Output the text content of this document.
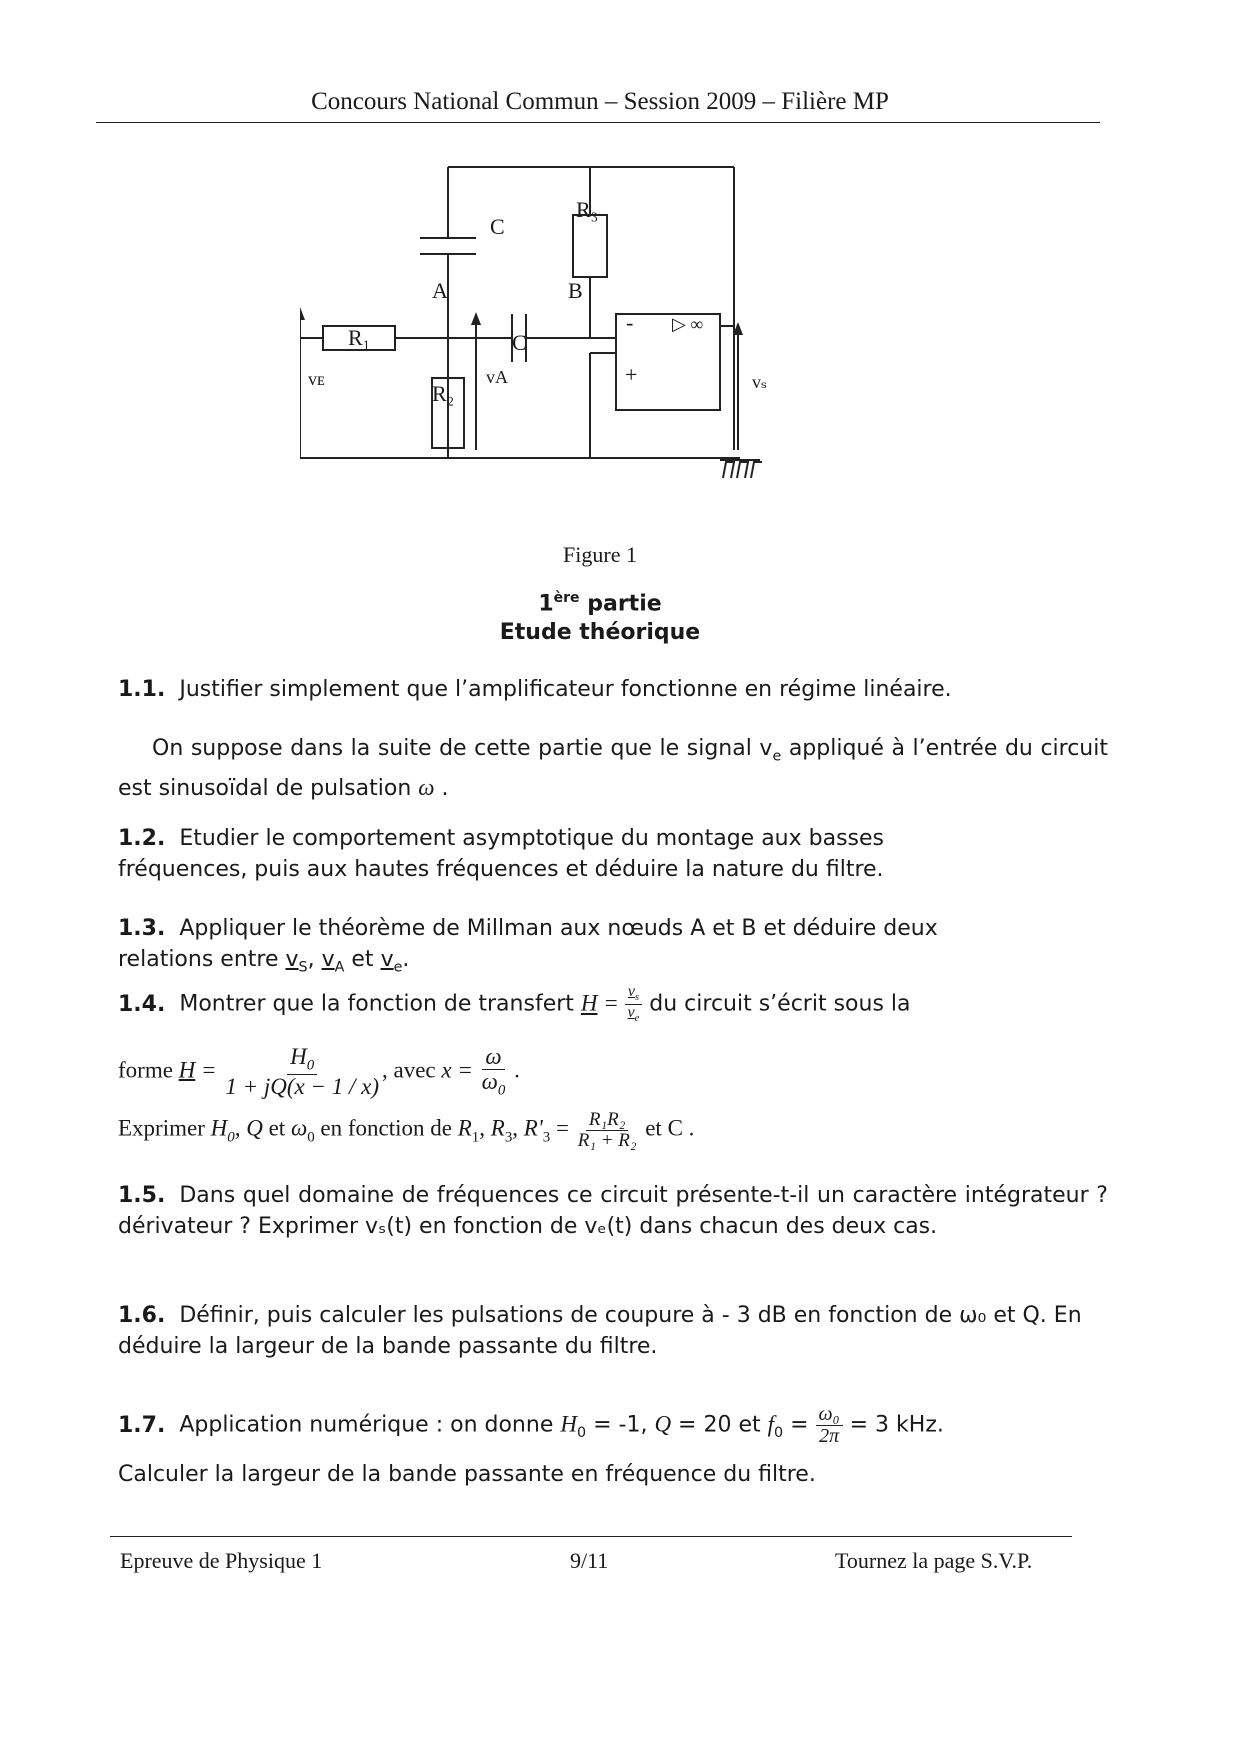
Concours National Commun – Session 2009 – Filière MP
C
R₃
R₁
A
C
B
R₂
vᴇ	vA	vₛ
-
+
▷ ∞
Figure 1
1ère partie
Etude théorique
1.1. Justifier simplement que l’amplificateur fonctionne en régime linéaire.
On suppose dans la suite de cette partie que le signal $v_e$ appliqué à l’entrée du circuit est sinusoïdal de pulsation ω .
1.2. Etudier le comportement asymptotique du montage aux basses fréquences, puis aux hautes fréquences et déduire la nature du filtre.
1.3. Appliquer le théorème de Millman aux nœuds A et B et déduire deux relations entre $v_S$, $v_A$ et $v_e$.
1.4. Montrer que la fonction de transfert $H = \frac{v_s}{v_e}$ du circuit s’écrit sous la
forme $H = \frac{H_0}{1 + jQ(x - 1 / x)}$ , avec $x = \frac{\omega}{\omega_0}$ .
Exprimer $H_0$, Q et $\omega_0$ en fonction de $R_1$, $R_3$, $R'_3 = \frac{\text{R₁R₂}}{\text{R₁ + R₂}}$ et C .
1.5. Dans quel domaine de fréquences ce circuit présente-t-il un caractère intégrateur ? dérivateur ? Exprimer vₛ(t) en fonction de vₑ(t) dans chacun des deux cas.
1.6. Définir, puis calculer les pulsations de coupure à - 3 dB en fonction de ω₀ et Q. En déduire la largeur de la bande passante du filtre.
1.7. Application numérique : on donne $H_0 = -1$, Q = 20 et $f_0 = \frac{\text{ω₀}}{2\pi} = 3$ kHz.
Calculer la largeur de la bande passante en fréquence du filtre.
Epreuve de Physique 1	9/11	Tournez la page S.V.P.
